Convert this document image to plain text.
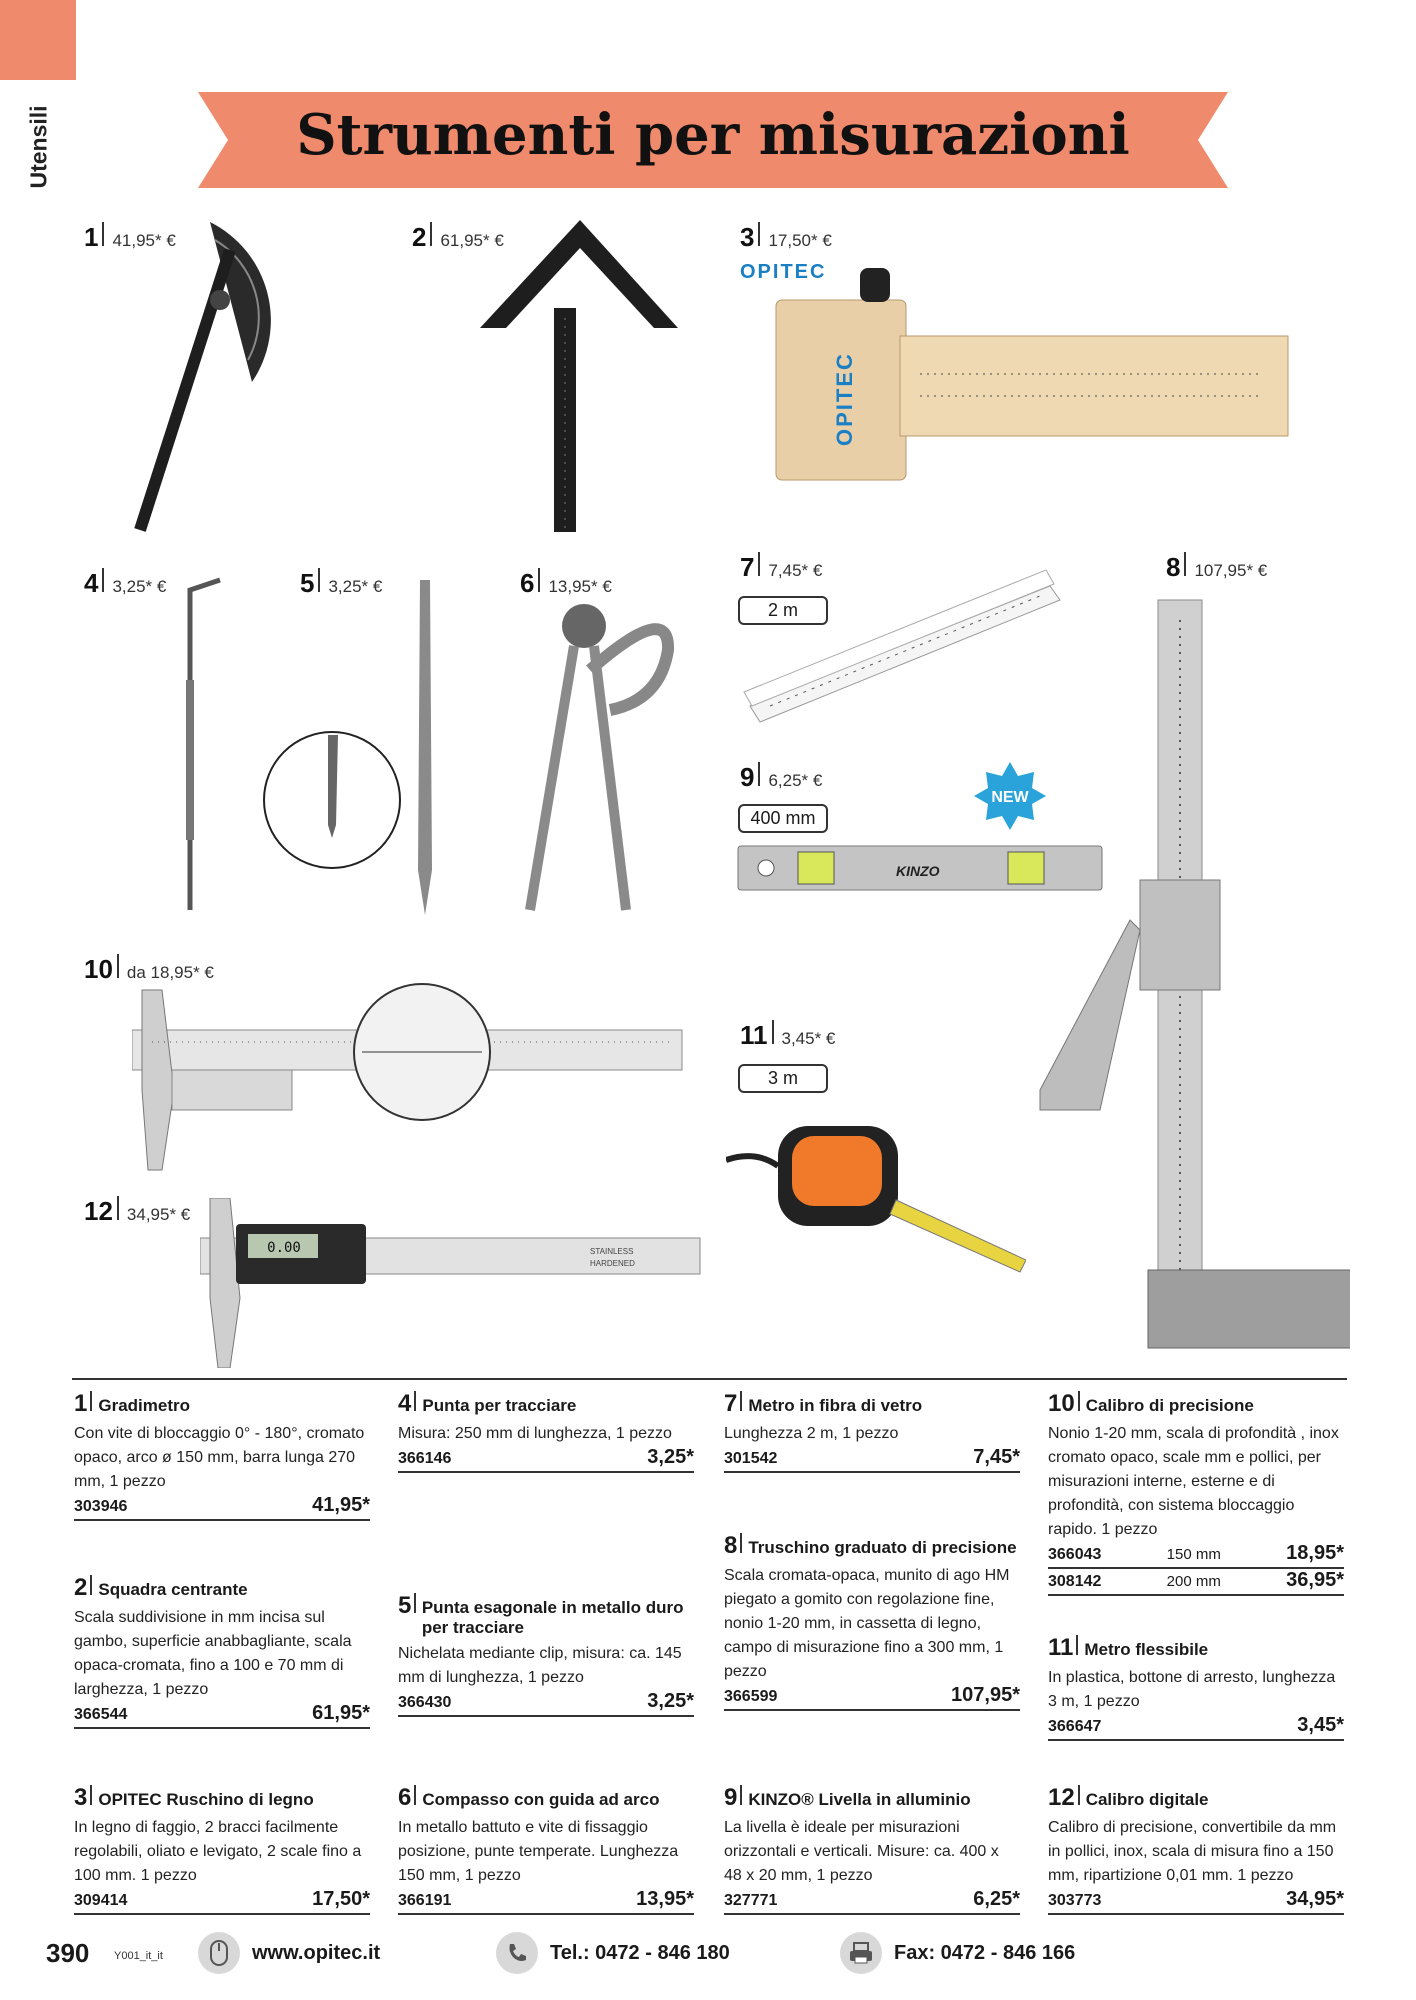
Utensili	Strumenti per misurazioni
1 41,95* €	2 61,95* €	3 17,50* €
4 3,25* €	5 3,25* €	6 13,95* €
7 7,45* €	8 107,95* €
9 6,25* €
10 da 18,95* €
11 3,45* €
12 34,95* €
2 m
400 mm
3 m
OPITEC
OPITEC
NEW
KINZO
0.00	STAINLESS
HARDENED
1 Gradimetro
Con vite di bloccaggio 0° - 180°, cromato opaco, arco ø 150 mm, barra lunga 270 mm, 1 pezzo
303946	41,95*
2 Squadra centrante
Scala suddivisione in mm incisa sul gambo, superficie anabbagliante, scala opaca-cromata, fino a 100 e 70 mm di larghezza, 1 pezzo
366544	61,95*
3 OPITEC Ruschino di legno
In legno di faggio, 2 bracci facilmente regolabili, oliato e levigato, 2 scale fino a 100 mm. 1 pezzo
309414	17,50*
4 Punta per tracciare
Misura: 250 mm di lunghezza, 1 pezzo
366146	3,25*
5 Punta esagonale in metallo duro per tracciare
Nichelata mediante clip, misura: ca. 145 mm di lunghezza, 1 pezzo
366430	3,25*
6 Compasso con guida ad arco
In metallo battuto e vite di fissaggio posizione, punte temperate. Lunghezza 150 mm, 1 pezzo
366191	13,95*
7 Metro in fibra di vetro
Lunghezza 2 m, 1 pezzo
301542	7,45*
8 Truschino graduato di precisione
Scala cromata-opaca, munito di ago HM piegato a gomito con regolazione fine, nonio 1-20 mm, in cassetta di legno, campo di misurazione fino a 300 mm, 1 pezzo
366599	107,95*
9 KINZO® Livella in alluminio
La livella è ideale per misurazioni orizzontali e verticali. Misure: ca. 400 x 48 x 20 mm, 1 pezzo
327771	6,25*
10 Calibro di precisione
Nonio 1-20 mm, scala di profondità , inox cromato opaco, scale mm e pollici, per misurazioni interne, esterne e di profondità, con sistema bloccaggio rapido. 1 pezzo
366043	150 mm	18,95*
308142	200 mm	36,95*
11 Metro flessibile
In plastica, bottone di arresto, lunghezza 3 m, 1 pezzo
366647	3,45*
12 Calibro digitale
Calibro di precisione, convertibile da mm in pollici, inox, scala di misura fino a 150 mm, ripartizione 0,01 mm. 1 pezzo
303773	34,95*
390 Y001_it_it	www.opitec.it	Tel.: 0472 - 846 180	Fax: 0472 - 846 166
